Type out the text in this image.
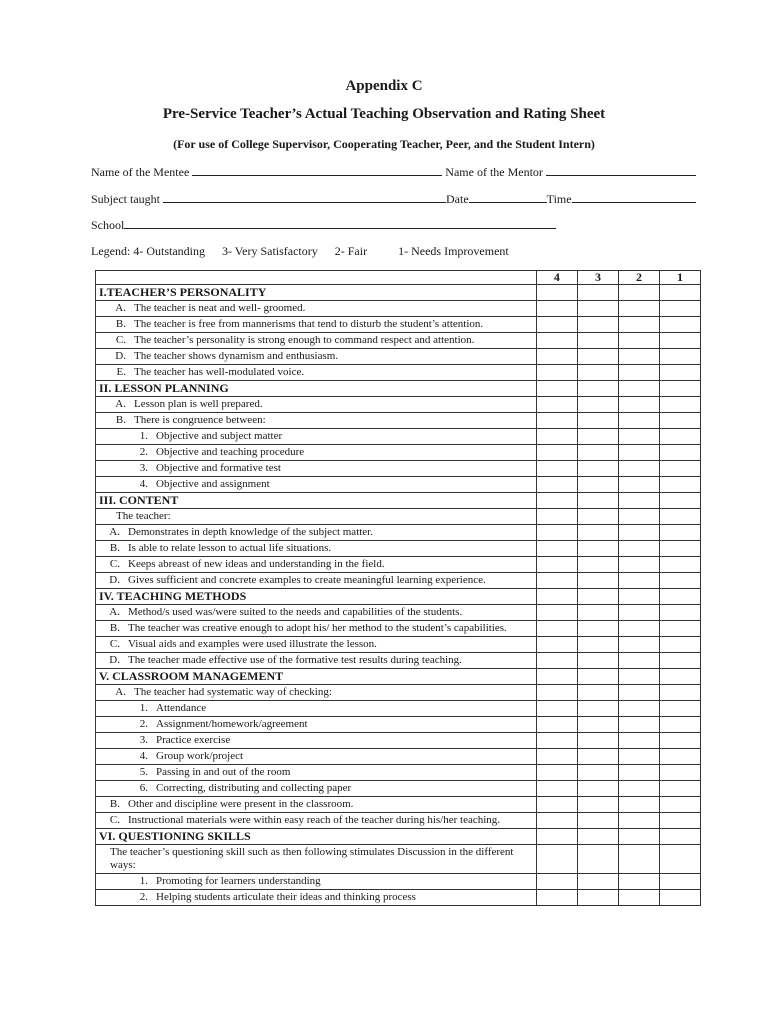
Appendix C
Pre-Service Teacher’s Actual Teaching Observation and Rating Sheet
(For use of College Supervisor, Cooperating Teacher, Peer, and the Student Intern)
Name of the Mentee	Name of the Mentor
Subject taught	Date	Time
School
Legend: 4- Outstanding 3- Very Satisfactory 2- Fair	1- Needs Improvement
	4	3	2	1
I.TEACHER’S PERSONALITY				

A. The teacher is neat and well- groomed.				

B. The teacher is free from mannerisms that tend to disturb the student’s attention.				

C. The teacher’s personality is strong enough to command respect and attention.				

D. The teacher shows dynamism and enthusiasm.				

E. The teacher has well-modulated voice.				

II. LESSON PLANNING				

A. Lesson plan is well prepared.				

B. There is congruence between:				

1. Objective and subject matter				

2. Objective and teaching procedure				

3. Objective and formative test				

4. Objective and assignment				

III. CONTENT				
The teacher:				

A. Demonstrates in depth knowledge of the subject matter.				

B. Is able to relate lesson to actual life situations.				

C. Keeps abreast of new ideas and understanding in the field.				

D. Gives sufficient and concrete examples to create meaningful learning experience.				

IV. TEACHING METHODS				

A. Method/s used was/were suited to the needs and capabilities of the students.				

B. The teacher was creative enough to adopt his/ her method to the student’s capabilities.				

C. Visual aids and examples were used illustrate the lesson.				

D. The teacher made effective use of the formative test results during teaching.				

V. CLASSROOM MANAGEMENT				

A. The teacher had systematic way of checking:				

1. Attendance				

2. Assignment/homework/agreement				

3. Practice exercise				

4. Group work/project				

5. Passing in and out of the room				

6. Correcting, distributing and collecting paper				

B. Other and discipline were present in the classroom.				

C. Instructional materials were within easy reach of the teacher during his/her teaching.				

VI. QUESTIONING SKILLS				
The teacher’s questioning skill such as then following stimulates Discussion in the different ways:				

1. Promoting for learners understanding				

2. Helping students articulate their ideas and thinking process				
